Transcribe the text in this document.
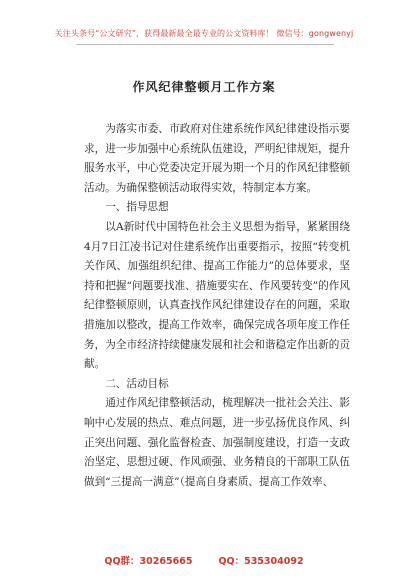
关注头条号“公文研究”，获得最新最全最专业的公文资料库！ 微信号：gongwenyj
作风纪律整顿月工作方案

为落实市委、市政府对住建系统作风纪律建设指示要求，进一步加强中心系统队伍建设，严明纪律规矩，提升服务水平，中心党委决定开展为期一个月的作风纪律整顿活动。为确保整顿活动取得实效，特制定本方案。

一、指导思想

以A新时代中国特色社会主义思想为指导，紧紧围绕4月7日江凌书记对住建系统作出重要指示，按照“转变机关作风、加强组织纪律、提高工作能力”的总体要求，坚持和把握“问题要找准、措施要实在、作风要转变”的作风纪律整顿原则，认真查找作风纪律建设存在的问题，采取措施加以整改，提高工作效率，确保完成各项年度工作任务，为全市经济持续健康发展和社会和谐稳定作出新的贡献。

二、活动目标

通过作风纪律整顿活动，梳理解决一批社会关注、影响中心发展的热点、难点问题，进一步弘扬优良作风、纠正突出问题、强化监督检查、加强制度建设，打造一支政治坚定、思想过硬、作风顽强、业务精良的干部职工队伍做到“三提高一满意”（提高自身素质、提高工作效率、

QQ群：30265665	QQ：535304092
